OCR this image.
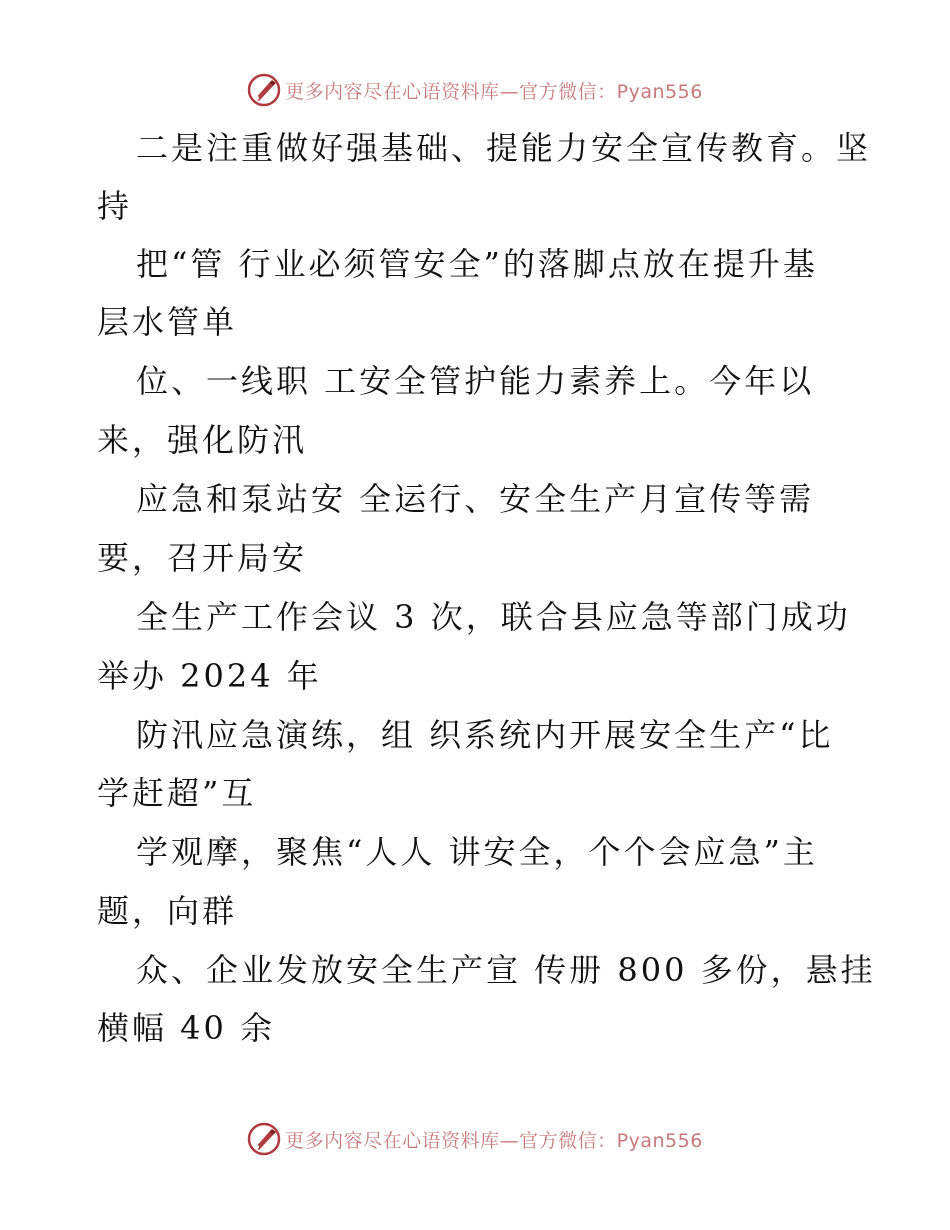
更多内容尽在心语资料库—官方微信：Pyan556
二是注重做好强基础、提能力安全宣传教育。坚
持
把“管 行业必须管安全”的落脚点放在提升基
层水管单
位、一线职 工安全管护能力素养上。今年以
来，强化防汛
应急和泵站安 全运行、安全生产月宣传等需
要，召开局安
全生产工作会议 3 次，联合县应急等部门成功
举办 2024 年
防汛应急演练，组 织系统内开展安全生产“比
学赶超”互
学观摩，聚焦“人人 讲安全，个个会应急”主
题，向群
众、企业发放安全生产宣 传册 800 多份，悬挂
横幅 40 余
更多内容尽在心语资料库—官方微信：Pyan556
